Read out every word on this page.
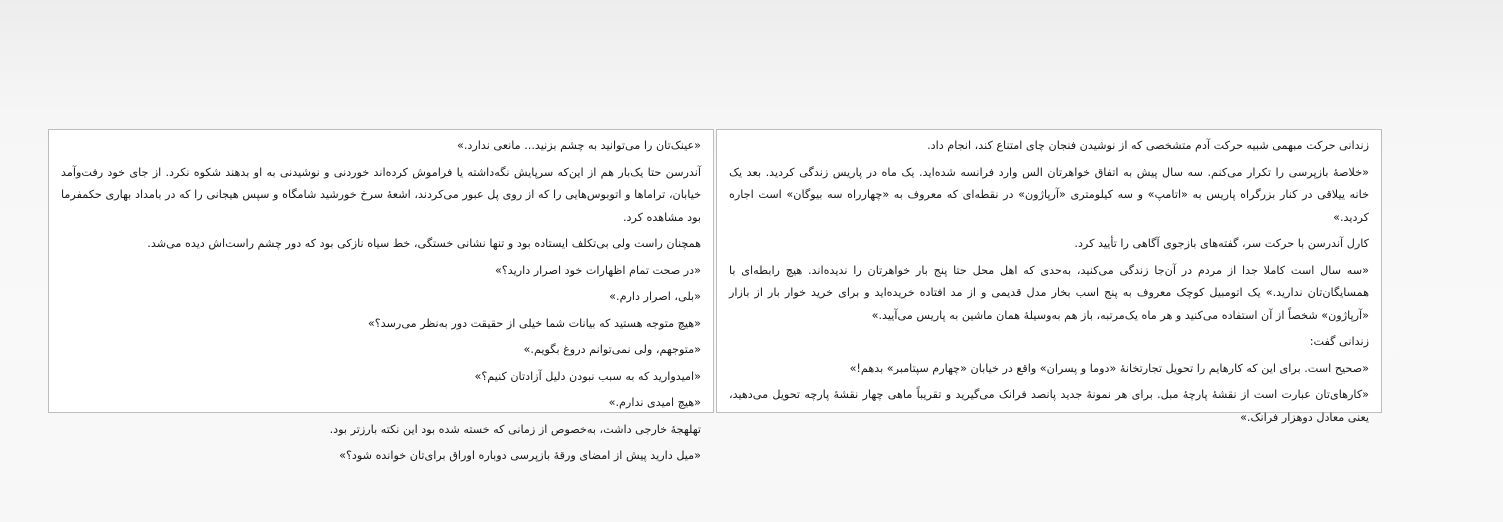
زندانی حرکت مبهمی شبیه حرکت آدم متشخصی که از نوشیدن فنجان چای امتناع کند، انجام داد.

«خلاصهٔ بازپرسی را تکرار می‌کنم. سه سال پیش به اتفاق خواهرتان الس وارد فرانسه شده‌اید. یک ماه در پاریس زندگی کردید. بعد یک خانه ییلاقی در کنار بزرگراه پاریس به «اتامپ» و سه کیلومتری «آرپاژون» در نقطه‌ای که معروف به «چهارراه سه بیوگان» است اجاره کردید.»

کارل آندرسن با حرکت سر، گفته‌های بازجوی آگاهی را تأیید کرد.

«سه سال است کاملا جدا از مردم در آن‌جا زندگی می‌کنید، به‌حدی که اهل محل حتا پنج بار خواهرتان را ندیده‌اند. هیچ رابطه‌ای با همسایگان‌تان ندارید.» یک اتومبیل کوچک معروف به پنج اسب بخار مدل قدیمی و از مد افتاده خریده‌اید و برای خرید خوار بار از بازار «آرپاژون» شخصاً از آن استفاده می‌کنید و هر ماه یک‌مرتبه، باز هم به‌وسیلهٔ همان ماشین به پاریس می‌آیید.»

زندانی گفت:

«صحیح است. برای این که کارهایم را تحویل تجارتخانهٔ «دوما و پسران» واقع در خیابان «چهارم سپتامبر» بدهم!»

«کارهای‌تان عبارت است از نقشهٔ پارچهٔ مبل. برای هر نمونهٔ جدید پانصد فرانک می‌گیرید و تقریباً ماهی چهار نقشهٔ پارچه تحویل می‌دهید، یعنی معادل دوهزار فرانک.»

«عینک‌تان را می‌توانید به چشم بزنید... مانعی ندارد.»

آندرسن حتا یک‌بار هم از این‌که سرپایش نگه‌داشته یا فراموش کرده‌اند خوردنی و نوشیدنی به او بدهند شکوه نکرد. از جای خود رفت‌وآمد خیابان، تراماها و اتوبوس‌هایی را که از روی پل عبور می‌کردند، اشعهٔ سرخ خورشید شامگاه و سپس هیجانی را که در بامداد بهاری حکمفرما بود مشاهده کرد.

همچنان راست ولی بی‌تکلف ایستاده بود و تنها نشانی خستگی، خط سیاه نازکی بود که دور چشم راست‌اش دیده می‌شد.

«در صحت تمام اظهارات خود اصرار دارید؟»

«بلی، اصرار دارم.»

«هیچ متوجه هستید که بیانات شما خیلی از حقیقت دور به‌نظر می‌رسد؟»

«متوجهم، ولی نمی‌توانم دروغ بگویم.»

«امیدوارید که به سبب نبودن دلیل آزادتان کنیم؟»

«هیچ امیدی ندارم.»

تهلهجهٔ خارجی داشت، به‌خصوص از زمانی که خسته شده بود این نکته بارزتر بود.

«میل دارید پیش از امضای ورقهٔ بازپرسی دوباره اوراق برای‌تان خوانده شود؟»
